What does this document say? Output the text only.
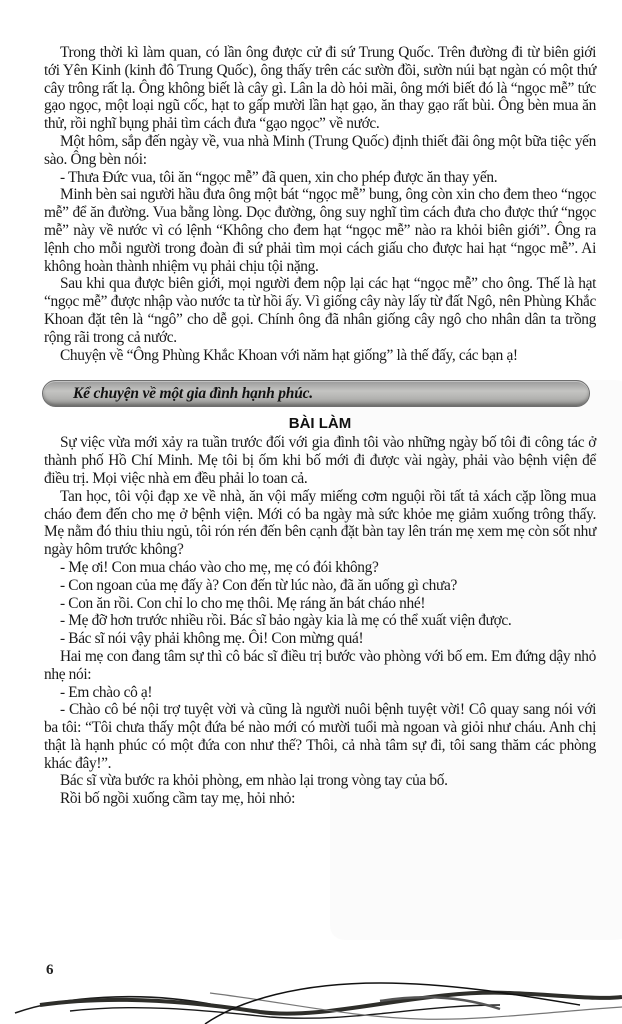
Trong thời kì làm quan, có lần ông được cử đi sứ Trung Quốc. Trên đường đi từ biên giới tới Yên Kinh (kinh đô Trung Quốc), ông thấy trên các sườn đồi, sườn núi bạt ngàn có một thứ cây trông rất lạ. Ông không biết là cây gì. Lân la dò hỏi mãi, ông mới biết đó là “ngọc mễ” tức gạo ngọc, một loại ngũ cốc, hạt to gấp mười lần hạt gạo, ăn thay gạo rất bùi. Ông bèn mua ăn thử, rồi nghĩ bụng phải tìm cách đưa “gạo ngọc” về nước.

Một hôm, sắp đến ngày về, vua nhà Minh (Trung Quốc) định thiết đãi ông một bữa tiệc yến sào. Ông bèn nói:

- Thưa Đức vua, tôi ăn “ngọc mễ” đã quen, xin cho phép được ăn thay yến.

Minh bèn sai người hầu đưa ông một bát “ngọc mễ” bung, ông còn xin cho đem theo “ngọc mễ” để ăn đường. Vua bằng lòng. Dọc đường, ông suy nghĩ tìm cách đưa cho được thứ “ngọc mễ” này về nước vì có lệnh “Không cho đem hạt “ngọc mễ” nào ra khỏi biên giới”. Ông ra lệnh cho mỗi người trong đoàn đi sứ phải tìm mọi cách giấu cho được hai hạt “ngọc mễ”. Ai không hoàn thành nhiệm vụ phải chịu tội nặng.

Sau khi qua được biên giới, mọi người đem nộp lại các hạt “ngọc mễ” cho ông. Thế là hạt “ngọc mễ” được nhập vào nước ta từ hồi ấy. Vì giống cây này lấy từ đất Ngô, nên Phùng Khắc Khoan đặt tên là “ngô” cho dễ gọi. Chính ông đã nhân giống cây ngô cho nhân dân ta trồng rộng rãi trong cả nước.

Chuyện về “Ông Phùng Khắc Khoan với năm hạt giống” là thế đấy, các bạn ạ!

Kể chuyện về một gia đình hạnh phúc.
BÀI LÀM

Sự việc vừa mới xảy ra tuần trước đối với gia đình tôi vào những ngày bố tôi đi công tác ở thành phố Hồ Chí Minh. Mẹ tôi bị ốm khi bố mới đi được vài ngày, phải vào bệnh viện để điều trị. Mọi việc nhà em đều phải lo toan cả.

Tan học, tôi vội đạp xe về nhà, ăn vội mấy miếng cơm nguội rồi tất tả xách cặp lồng mua cháo đem đến cho mẹ ở bệnh viện. Mới có ba ngày mà sức khỏe mẹ giảm xuống trông thấy. Mẹ nằm đó thiu thiu ngủ, tôi rón rén đến bên cạnh đặt bàn tay lên trán mẹ xem mẹ còn sốt như ngày hôm trước không?

- Mẹ ơi! Con mua cháo vào cho mẹ, mẹ có đói không?

- Con ngoan của mẹ đấy à? Con đến từ lúc nào, đã ăn uống gì chưa?

- Con ăn rồi. Con chỉ lo cho mẹ thôi. Mẹ ráng ăn bát cháo nhé!

- Mẹ đỡ hơn trước nhiều rồi. Bác sĩ bảo ngày kia là mẹ có thể xuất viện được.

- Bác sĩ nói vậy phải không mẹ. Ôi! Con mừng quá!

Hai mẹ con đang tâm sự thì cô bác sĩ điều trị bước vào phòng với bố em. Em đứng dậy nhỏ nhẹ nói:

- Em chào cô ạ!

- Chào cô bé nội trợ tuyệt vời và cũng là người nuôi bệnh tuyệt vời! Cô quay sang nói với ba tôi: “Tôi chưa thấy một đứa bé nào mới có mười tuổi mà ngoan và giỏi như cháu. Anh chị thật là hạnh phúc có một đứa con như thế? Thôi, cả nhà tâm sự đi, tôi sang thăm các phòng khác đây!”.

Bác sĩ vừa bước ra khỏi phòng, em nhào lại trong vòng tay của bố.

Rồi bố ngồi xuống cầm tay mẹ, hỏi nhỏ:

6
